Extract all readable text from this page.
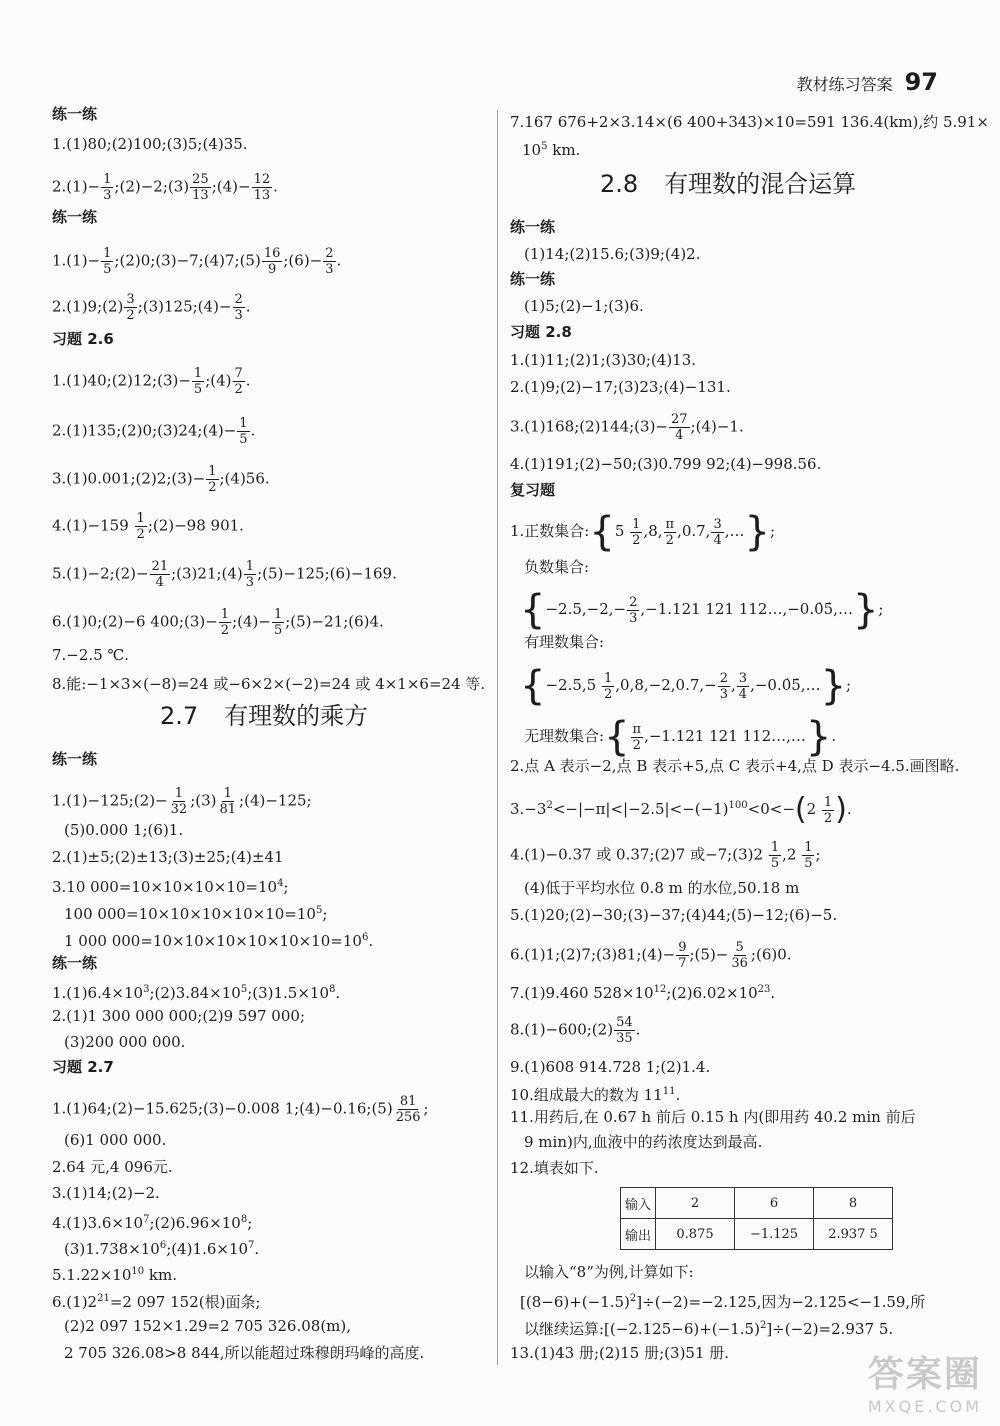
教材练习答案 97
练一练
1.(1)80;(2)100;(3)5;(4)35.
$2.(1)- \frac{1}{3}$ ;(2)−2;(3) $\frac{25}{13}$ ;(4)− $\frac{12}{13}$ .
练一练
$1.(1)- \frac{1}{5}$ ;(2)0;(3)−7;(4)7;(5) $\frac{16}{9}$ ;(6)− $\frac{2}{3}$ .
2.(1)9;(2) $\frac{3}{2}$ ;(3)125;(4)− $\frac{2}{3}$ .
习题 2.6
1.(1)40;(2)12;(3)− $\frac{1}{5}$ ;(4) $\frac{7}{2}$ .
2.(1)135;(2)0;(3)24;(4)− $\frac{1}{5}$ .
3.(1)0.001;(2)2;(3)− $\frac{1}{2}$ ;(4)56.
$4.(1)-159 \frac{1}{2}$ ;(2)−98 901.
5.(1)−2;(2)− $\frac{21}{4}$ ;(3)21;(4) $\frac{1}{3}$ ;(5)−125;(6)−169.
6.(1)0;(2)−6 400;(3)− $\frac{1}{2}$ ;(4)− $\frac{1}{5}$ ;(5)−21;(6)4.
7.−2.5 ℃.
8.能:−1×3×(−8)=24 或−6×2×(−2)=24 或 4×1×6=24 等.
2.7 有理数的乘方
练一练
1.(1)−125;(2)− $\frac{1}{32}$ ;(3) $\frac{1}{81}$ ;(4)−125;
(5)0.000 1;(6)1.
2.(1)±5;(2)±13;(3)±25;(4)±41
3.10 $000=10\times 10\times 10\times 10=10^4$;
100 $000=10\times 10\times 10\times 10\times 10=10^5$;
1 000 $000=10\times 10\times 10\times 10\times 10\times 10=10^6$.
练一练
$1.(1)6.4\times 10^3;(2)3.84\times 10^5;(3)1.5\times 10^8$.
2.(1)1 300 000 000;(2)9 597 000;
(3)200 000 000.
习题 2.7
1.(1)64;(2)−15.625;(3)−0.008 1;(4)−0.16;(5) $\frac{81}{256}$ ;
(6)1 000 000.
2.64 元,4 096元.
3.(1)14;(2)−2.
$4.(1)3.6\times 10^7;(2)6.96\times 10^8$;
$(3)1.738\times 10^6;(4)1.6\times 10^7$.
$5.1.22\times 10^{10}$ km.
$6.(1)2^{21}=2$ 097 152(根)面条;
(2)2 097 152×1.29=2 705 326.08(m),
2 705 326.08>8 844,所以能超过珠穆朗玛峰的高度.
7.167 676+2×3.14×(6 400+343)×10=591 136.4(km),约 5.91×
$10^5$ km.
2.8 有理数的混合运算
练一练
(1)14;(2)15.6;(3)9;(4)2.
练一练
(1)5;(2)−1;(3)6.
习题 2.8
1.(1)11;(2)1;(3)30;(4)13.
2.(1)9;(2)−17;(3)23;(4)−131.
3.(1)168;(2)144;(3)− $\frac{27}{4}$ ;(4)−1.
4.(1)191;(2)−50;(3)0.799 92;(4)−998.56.
复习题
1.正数集合:{5 $\frac{1}{2} ,8$, $\frac{\pi}{2} ,0.7$, $\frac{3}{4}$ ,…};
负数集合:
{$-2.5,-2,- \frac{2}{3} ,-1.121$ 121 112…,−0.0̇5̇,…};
有理数集合:
{$-2.5,5 \frac{1}{2} ,0,8,-2,0.7,- \frac{2}{3}$ , $\frac{3}{4}$ ,−0.0̇5̇,…};
无理数集合:{ $\frac{\pi}{2} ,-1.121$ 121 112…,…}.
2.点 A 表示−2,点 B 表示+5,点 C 表示+4,点 D 表示−4.5.画图略.
$3.-3^2<-|-\pi|<|-2.5|<-(-1)^{100}<0<-(2 \frac{1}{2}$ ).
4.(1)−0.37 或 0.37;(2)7 或−7;(3)2 $\frac{1}{5} ,2 \frac{1}{5}$ ;
(4)低于平均水位 0.8 m 的水位,50.18 m
5.(1)20;(2)−30;(3)−37;(4)44;(5)−12;(6)−5.
6.(1)1;(2)7;(3)81;(4)− $\frac{9}{7}$ ;(5)− $\frac{5}{36}$ ;(6)0.
7.(1)9.460 $528\times 10^{12};(2)6.02\times 10^{23}$.
8.(1)−600;(2) $\frac{54}{35}$ .
9.(1)608 914.728 1;(2)1.4.
10.组成最大的数为 $11^{11}$.
11.用药后,在 0.67 h 前后 0.15 h 内(即用药 40.2 min 前后
9 min)内,血液中的药浓度达到最高.
12.填表如下.
输入	2	6	8
输出	0.875	−1.125	2.937 5
以输入“8”为例,计算如下:
$[(8-6)+(-1.5)^2]\div(-2)=-2.125$,因为−2.125<−1.59,所
以继续运算$:[(-2.125-6)+(-1.5)^2]\div(-2)=2.937$ 5.
13.(1)43 册;(2)15 册;(3)51 册.
答案圈
MXQE.COM
